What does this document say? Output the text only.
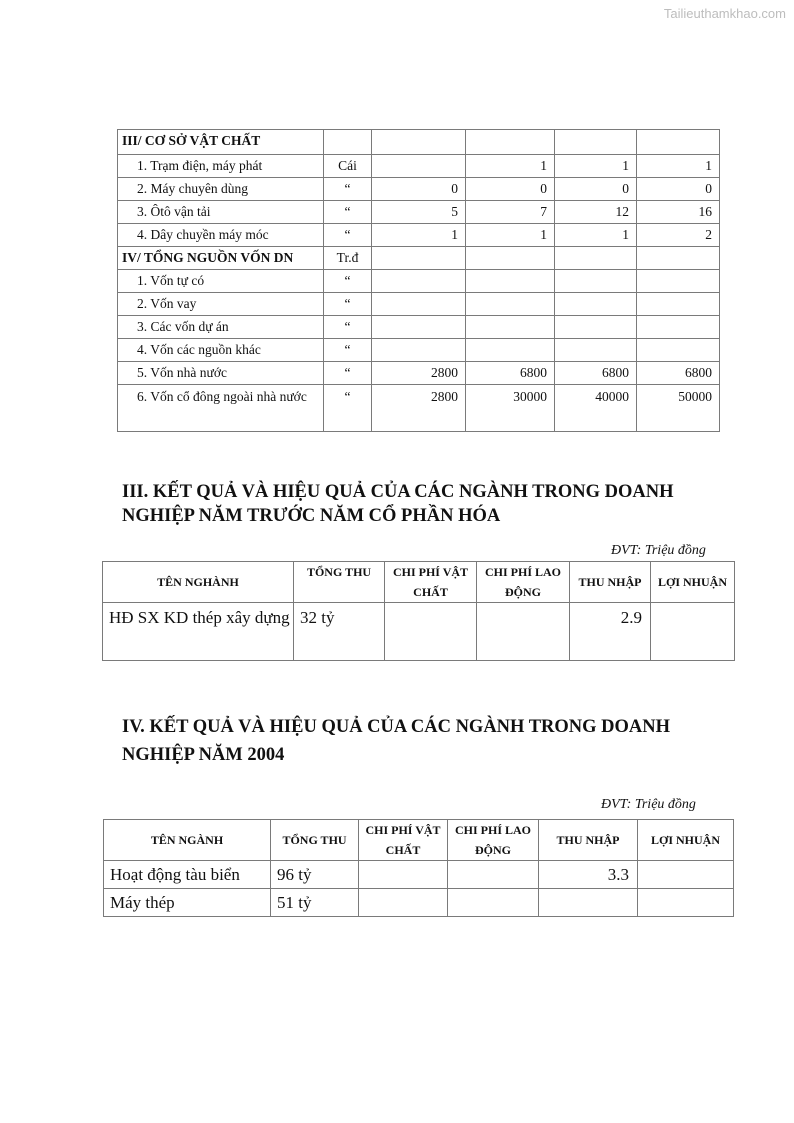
Tailieuthamkhao.com
III/ CƠ SỞ VẬT CHẤT					
1. Trạm điện, máy phát	Cái		1	1	1
2. Máy chuyên dùng	“	0	0	0	0
3. Ôtô vận tải	“	5	7	12	16
4. Dây chuyền máy móc	“	1	1	1	2
IV/ TỔNG NGUỒN VỐN DN	Tr.đ				
1. Vốn tự có	“				
2. Vốn vay	“				
3. Các vốn dự án	“				
4. Vốn các nguồn khác	“				
5. Vốn nhà nước	“	2800	6800	6800	6800
6. Vốn cổ đông ngoài nhà nước	“	2800	30000	40000	50000
III. KẾT QUẢ VÀ HIỆU QUẢ CỦA CÁC NGÀNH TRONG DOANH NGHIỆP NĂM TRƯỚC NĂM CỔ PHẦN HÓA
ĐVT: Triệu đồng
TÊN NGHÀNH	TỔNG THU	CHI PHÍ VẬT CHẤT	CHI PHÍ LAO ĐỘNG	THU NHẬP	LỢI NHUẬN
HĐ SX KD thép xây dựng	32 tỷ			2.9	
IV. KẾT QUẢ VÀ HIỆU QUẢ CỦA CÁC NGÀNH TRONG DOANH NGHIỆP NĂM 2004
ĐVT: Triệu đồng
TÊN NGÀNH	TỔNG THU	CHI PHÍ VẬT CHẤT	CHI PHÍ LAO ĐỘNG	THU NHẬP	LỢI NHUẬN
Hoạt động tàu biển	96 tỷ			3.3	
Máy thép	51 tỷ				
